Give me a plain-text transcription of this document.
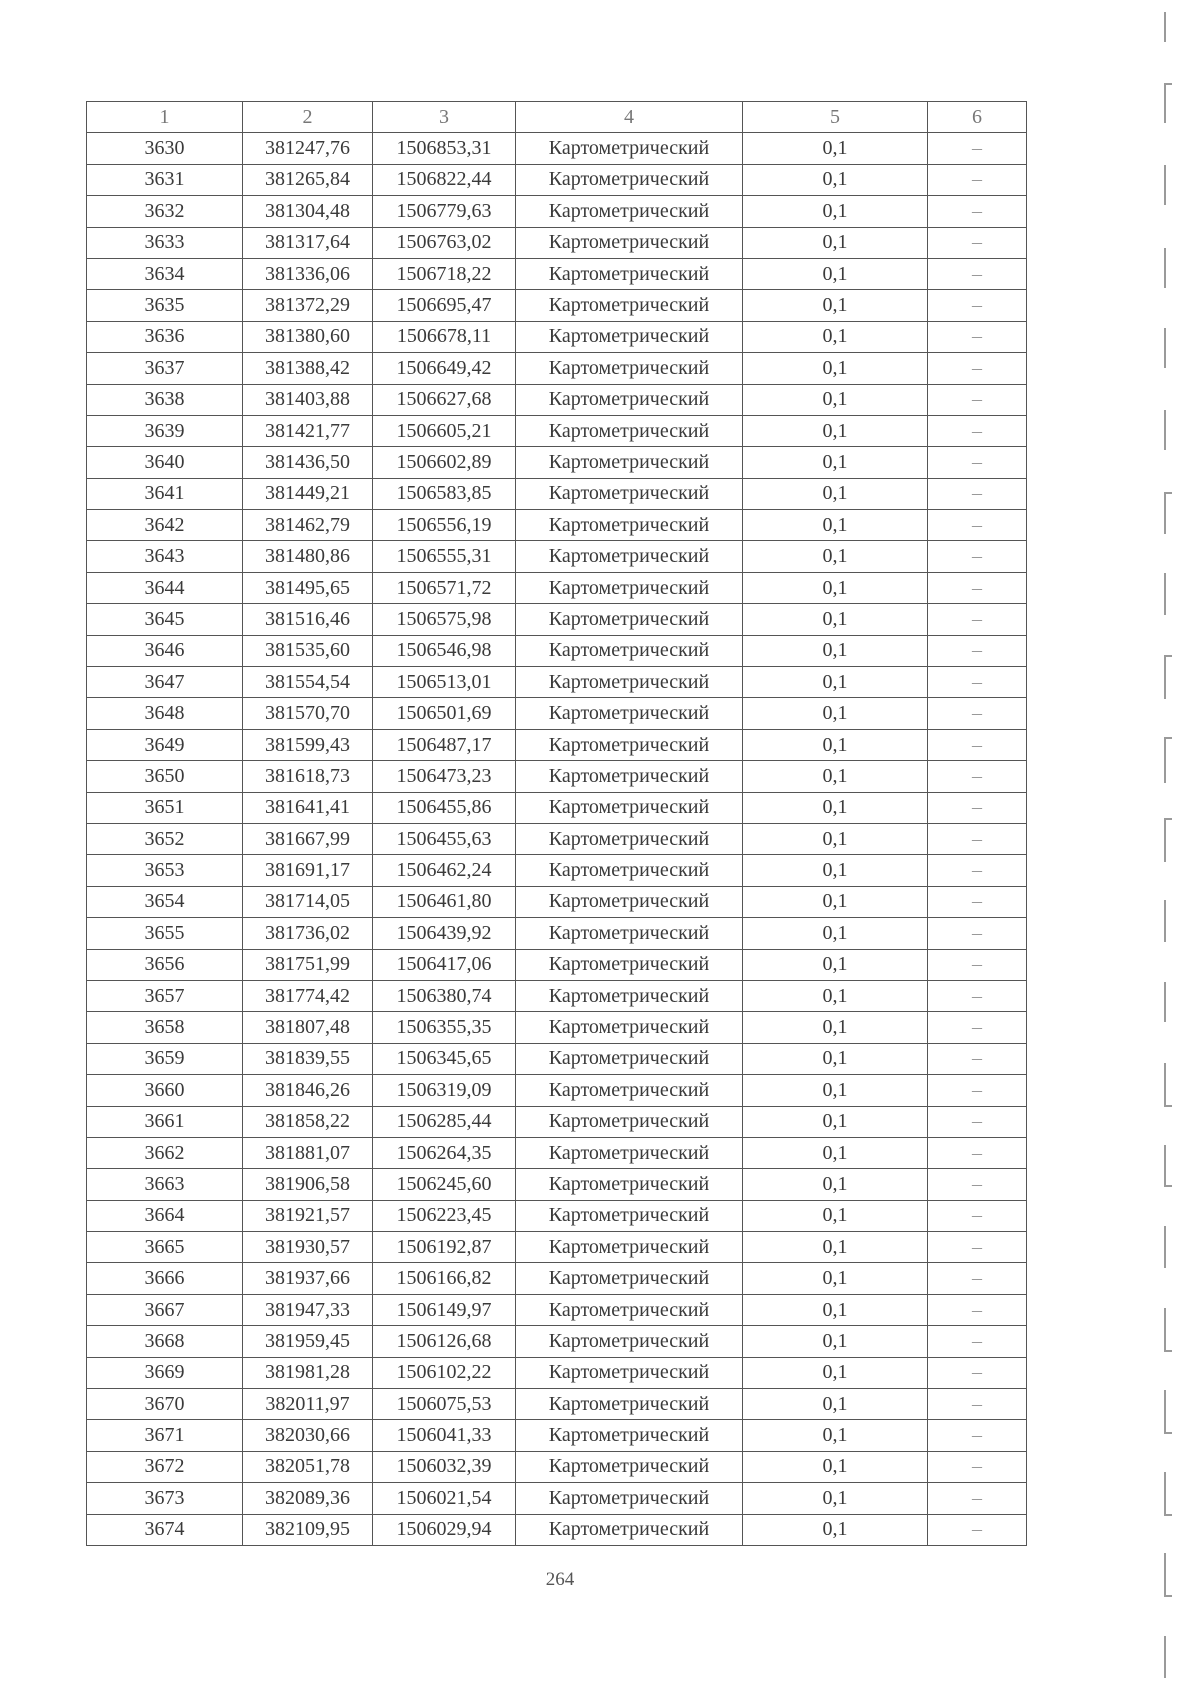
1	2	3	4	5	6
3630	381247,76	1506853,31	Картометрический	0,1	–
3631	381265,84	1506822,44	Картометрический	0,1	–
3632	381304,48	1506779,63	Картометрический	0,1	–
3633	381317,64	1506763,02	Картометрический	0,1	–
3634	381336,06	1506718,22	Картометрический	0,1	–
3635	381372,29	1506695,47	Картометрический	0,1	–
3636	381380,60	1506678,11	Картометрический	0,1	–
3637	381388,42	1506649,42	Картометрический	0,1	–
3638	381403,88	1506627,68	Картометрический	0,1	–
3639	381421,77	1506605,21	Картометрический	0,1	–
3640	381436,50	1506602,89	Картометрический	0,1	–
3641	381449,21	1506583,85	Картометрический	0,1	–
3642	381462,79	1506556,19	Картометрический	0,1	–
3643	381480,86	1506555,31	Картометрический	0,1	–
3644	381495,65	1506571,72	Картометрический	0,1	–
3645	381516,46	1506575,98	Картометрический	0,1	–
3646	381535,60	1506546,98	Картометрический	0,1	–
3647	381554,54	1506513,01	Картометрический	0,1	–
3648	381570,70	1506501,69	Картометрический	0,1	–
3649	381599,43	1506487,17	Картометрический	0,1	–
3650	381618,73	1506473,23	Картометрический	0,1	–
3651	381641,41	1506455,86	Картометрический	0,1	–
3652	381667,99	1506455,63	Картометрический	0,1	–
3653	381691,17	1506462,24	Картометрический	0,1	–
3654	381714,05	1506461,80	Картометрический	0,1	–
3655	381736,02	1506439,92	Картометрический	0,1	–
3656	381751,99	1506417,06	Картометрический	0,1	–
3657	381774,42	1506380,74	Картометрический	0,1	–
3658	381807,48	1506355,35	Картометрический	0,1	–
3659	381839,55	1506345,65	Картометрический	0,1	–
3660	381846,26	1506319,09	Картометрический	0,1	–
3661	381858,22	1506285,44	Картометрический	0,1	–
3662	381881,07	1506264,35	Картометрический	0,1	–
3663	381906,58	1506245,60	Картометрический	0,1	–
3664	381921,57	1506223,45	Картометрический	0,1	–
3665	381930,57	1506192,87	Картометрический	0,1	–
3666	381937,66	1506166,82	Картометрический	0,1	–
3667	381947,33	1506149,97	Картометрический	0,1	–
3668	381959,45	1506126,68	Картометрический	0,1	–
3669	381981,28	1506102,22	Картометрический	0,1	–
3670	382011,97	1506075,53	Картометрический	0,1	–
3671	382030,66	1506041,33	Картометрический	0,1	–
3672	382051,78	1506032,39	Картометрический	0,1	–
3673	382089,36	1506021,54	Картометрический	0,1	–
3674	382109,95	1506029,94	Картометрический	0,1	–
264
